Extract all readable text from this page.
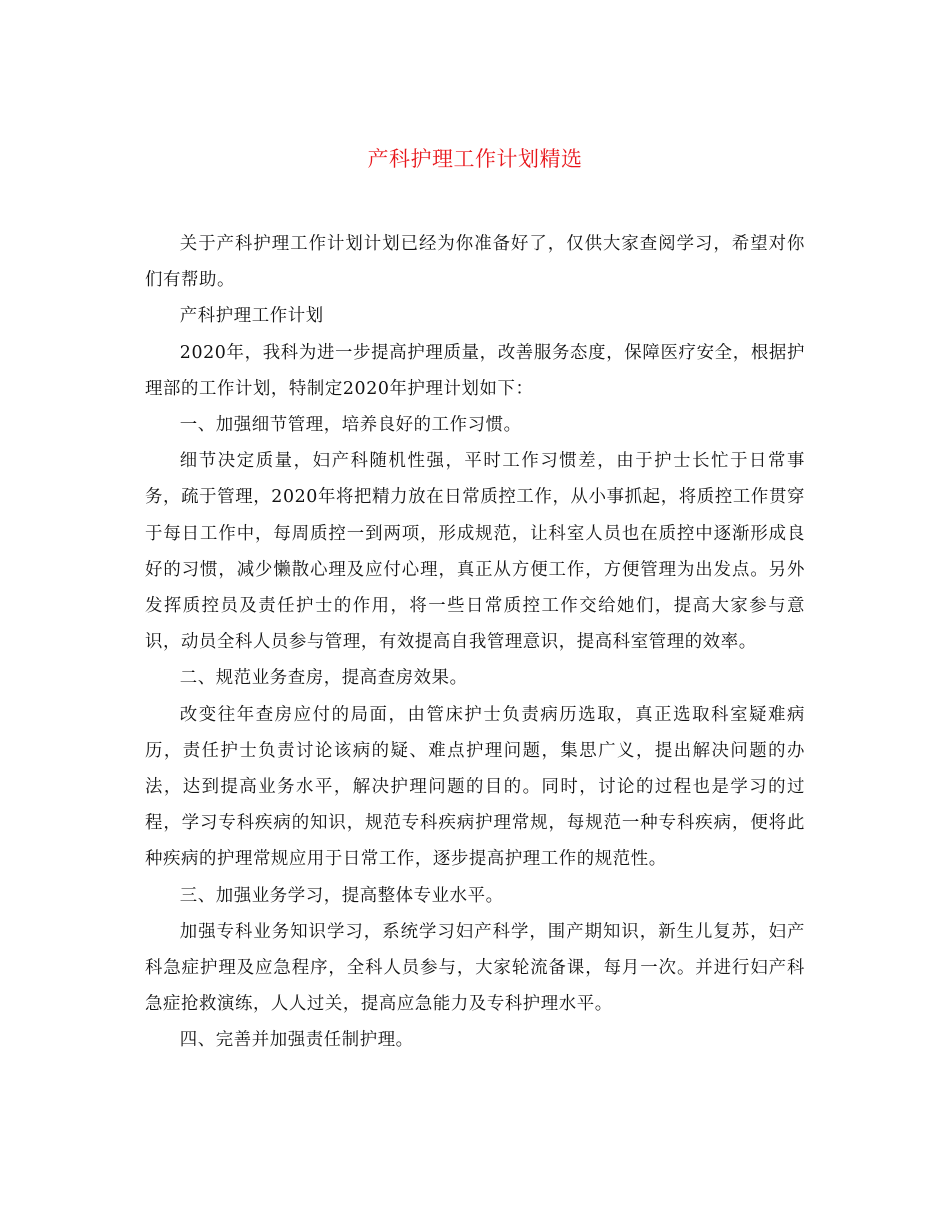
产科护理工作计划精选

关于产科护理工作计划计划已经为你准备好了，仅供大家查阅学习，希望对你们有帮助。

产科护理工作计划

2020年，我科为进一步提高护理质量，改善服务态度，保障医疗安全，根据护理部的工作计划，特制定2020年护理计划如下：

一、加强细节管理，培养良好的工作习惯。

细节决定质量，妇产科随机性强，平时工作习惯差，由于护士长忙于日常事务，疏于管理，2020年将把精力放在日常质控工作，从小事抓起，将质控工作贯穿于每日工作中，每周质控一到两项，形成规范，让科室人员也在质控中逐渐形成良好的习惯，减少懒散心理及应付心理，真正从方便工作，方便管理为出发点。另外发挥质控员及责任护士的作用，将一些日常质控工作交给她们，提高大家参与意识，动员全科人员参与管理，有效提高自我管理意识，提高科室管理的效率。

二、规范业务查房，提高查房效果。

改变往年查房应付的局面，由管床护士负责病历选取，真正选取科室疑难病历，责任护士负责讨论该病的疑、难点护理问题，集思广义，提出解决问题的办法，达到提高业务水平，解决护理问题的目的。同时，讨论的过程也是学习的过程，学习专科疾病的知识，规范专科疾病护理常规，每规范一种专科疾病，便将此种疾病的护理常规应用于日常工作，逐步提高护理工作的规范性。

三、加强业务学习，提高整体专业水平。

加强专科业务知识学习，系统学习妇产科学，围产期知识，新生儿复苏，妇产科急症护理及应急程序，全科人员参与，大家轮流备课，每月一次。并进行妇产科急症抢救演练，人人过关，提高应急能力及专科护理水平。

四、完善并加强责任制护理。
